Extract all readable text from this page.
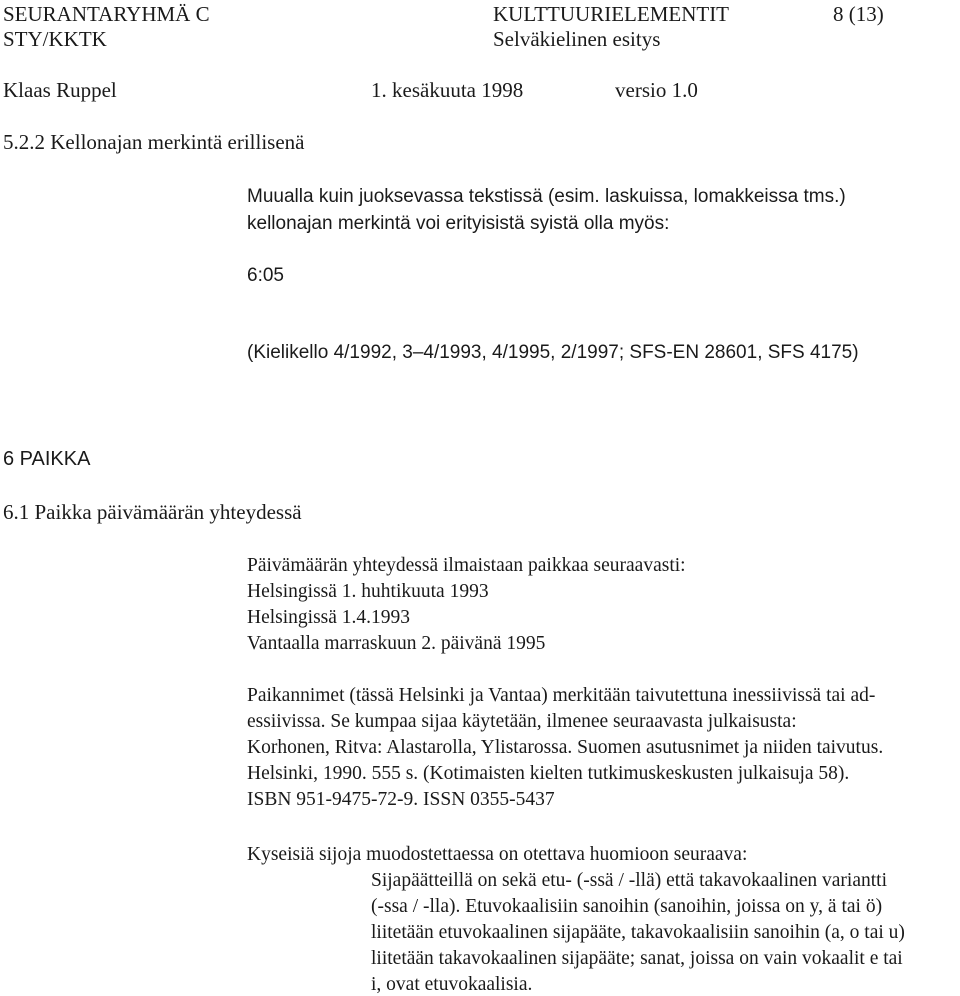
SEURANTARYHMÄ C
STY/KKTK
KULTTUURIELEMENTIT
Selväkielinen esitys
8 (13)
Klaas Ruppel	1. kesäkuuta 1998	versio 1.0
5.2.2 Kellonajan merkintä erillisenä
Muualla kuin juoksevassa tekstissä (esim. laskuissa, lomakkeissa tms.)
kellonajan merkintä voi erityisistä syistä olla myös:
6:05
(Kielikello 4/1992, 3–4/1993, 4/1995, 2/1997; SFS-EN 28601, SFS 4175)
6 PAIKKA
6.1 Paikka päivämäärän yhteydessä
Päivämäärän yhteydessä ilmaistaan paikkaa seuraavasti:
Helsingissä 1. huhtikuuta 1993
Helsingissä 1.4.1993
Vantaalla marraskuun 2. päivänä 1995
Paikannimet (tässä Helsinki ja Vantaa) merkitään taivutettuna inessiivissä tai ad-
essiivissa. Se kumpaa sijaa käytetään, ilmenee seuraavasta julkaisusta:
Korhonen, Ritva: Alastarolla, Ylistarossa. Suomen asutusnimet ja niiden taivutus.
Helsinki, 1990. 555 s. (Kotimaisten kielten tutkimuskeskusten julkaisuja 58).
ISBN 951-9475-72-9. ISSN 0355-5437
Kyseisiä sijoja muodostettaessa on otettava huomioon seuraava:
Sijapäätteillä on sekä etu- (-ssä / -llä) että takavokaalinen variantti
(-ssa / -lla). Etuvokaalisiin sanoihin (sanoihin, joissa on y, ä tai ö)
liitetään etuvokaalinen sijapääte, takavokaalisiin sanoihin (a, o tai u)
liitetään takavokaalinen sijapääte; sanat, joissa on vain vokaalit e tai
i, ovat etuvokaalisia.
